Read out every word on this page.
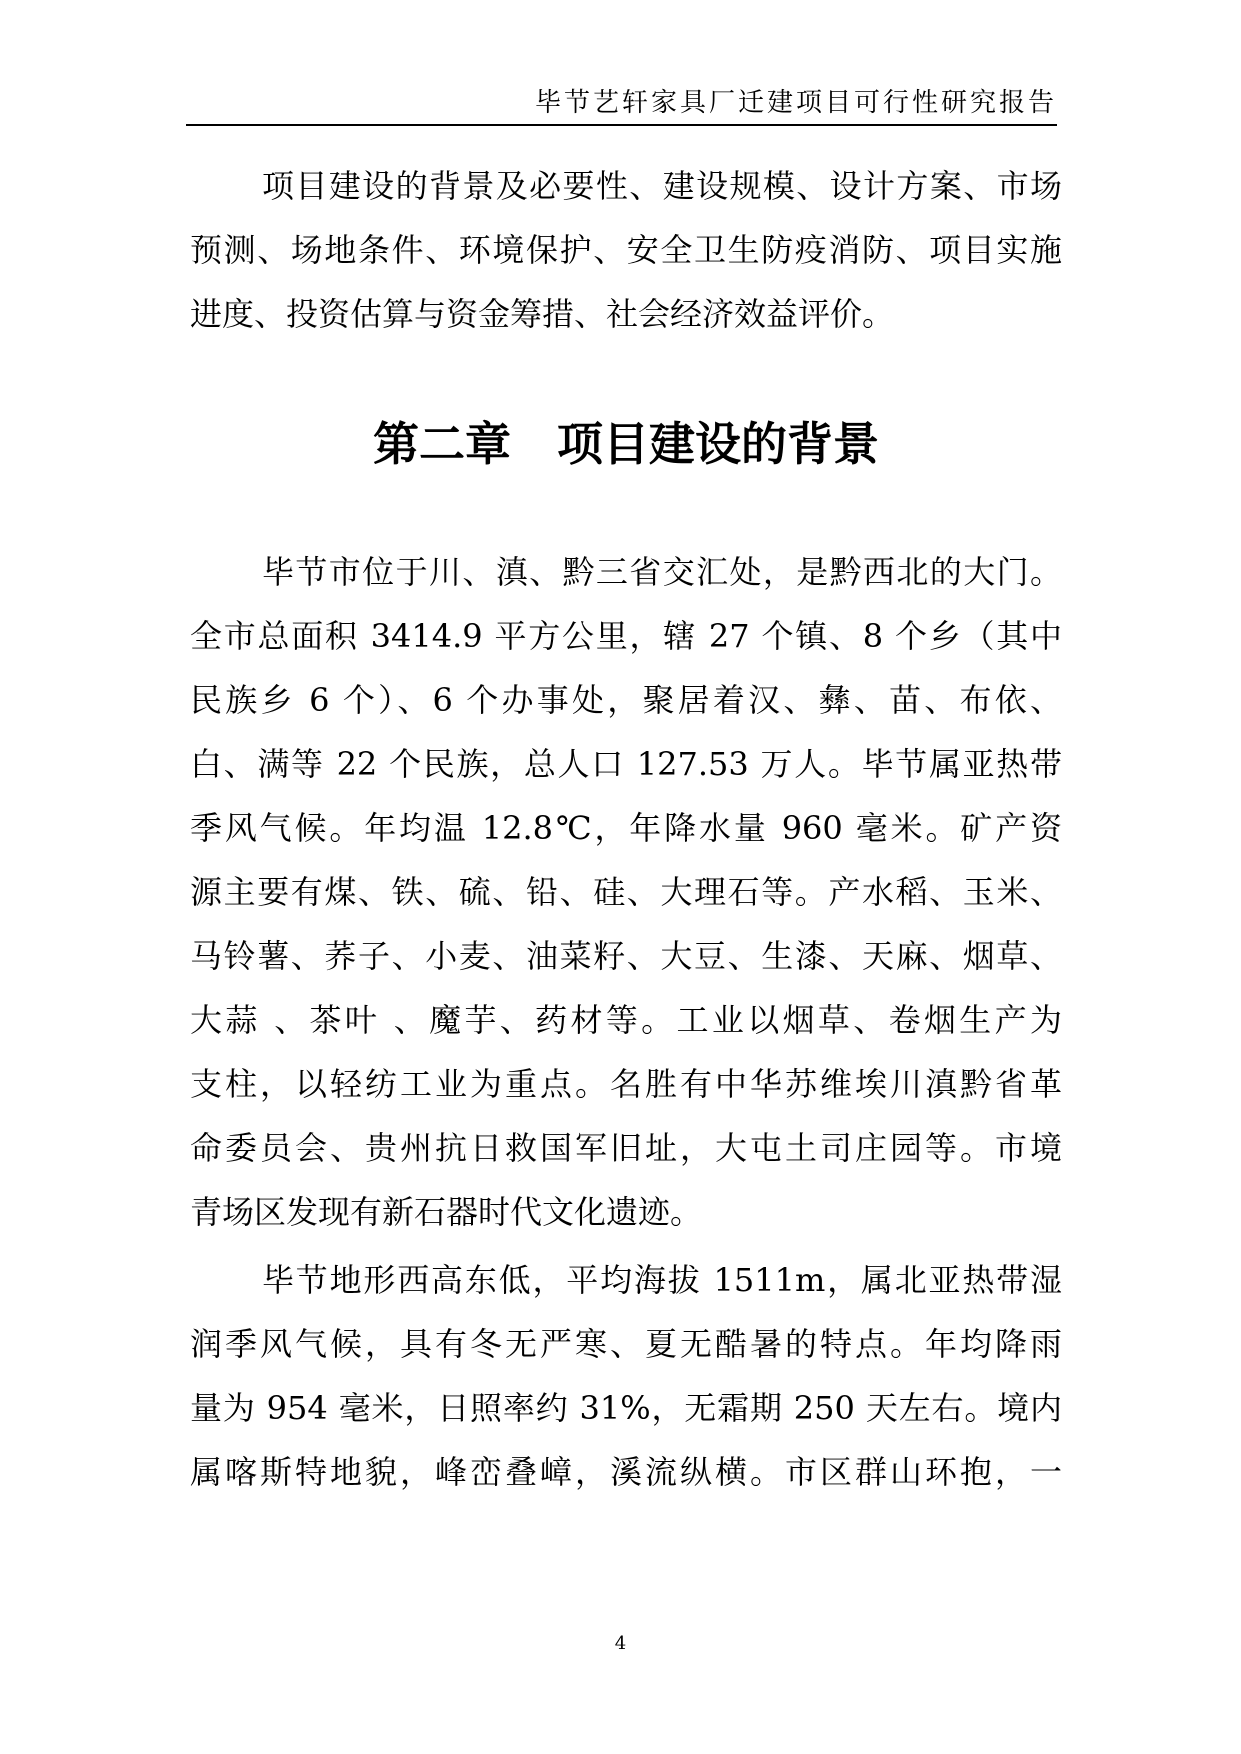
毕节艺轩家具厂迁建项目可行性研究报告
项目建设的背景及必要性、建设规模、设计方案、市场
预测、场地条件、环境保护、安全卫生防疫消防、项目实施
进度、投资估算与资金筹措、社会经济效益评价。
第二章　项目建设的背景
毕节市位于川、滇、黔三省交汇处，是黔西北的大门。
全市总面积 3414.9 平方公里，辖 27 个镇、8 个乡（其中
民族乡 6 个）、6 个办事处，聚居着汉、彝、苗、布依、
白、满等 22 个民族，总人口 127.53 万人。毕节属亚热带
季风气候。年均温 12.8℃，年降水量 960 毫米。矿产资
源主要有煤、铁、硫、铅、硅、大理石等。产水稻、玉米、
马铃薯、荞子、小麦、油菜籽、大豆、生漆、天麻、烟草、
大蒜 、茶叶 、魔芋、药材等。工业以烟草、卷烟生产为
支柱，以轻纺工业为重点。名胜有中华苏维埃川滇黔省革
命委员会、贵州抗日救国军旧址，大屯土司庄园等。市境
青场区发现有新石器时代文化遗迹。
毕节地形西高东低，平均海拔 1511m，属北亚热带湿
润季风气候，具有冬无严寒、夏无酷暑的特点。年均降雨
量为 954 毫米，日照率约 31%，无霜期 250 天左右。境内
属喀斯特地貌，峰峦叠嶂，溪流纵横。市区群山环抱，一
4
